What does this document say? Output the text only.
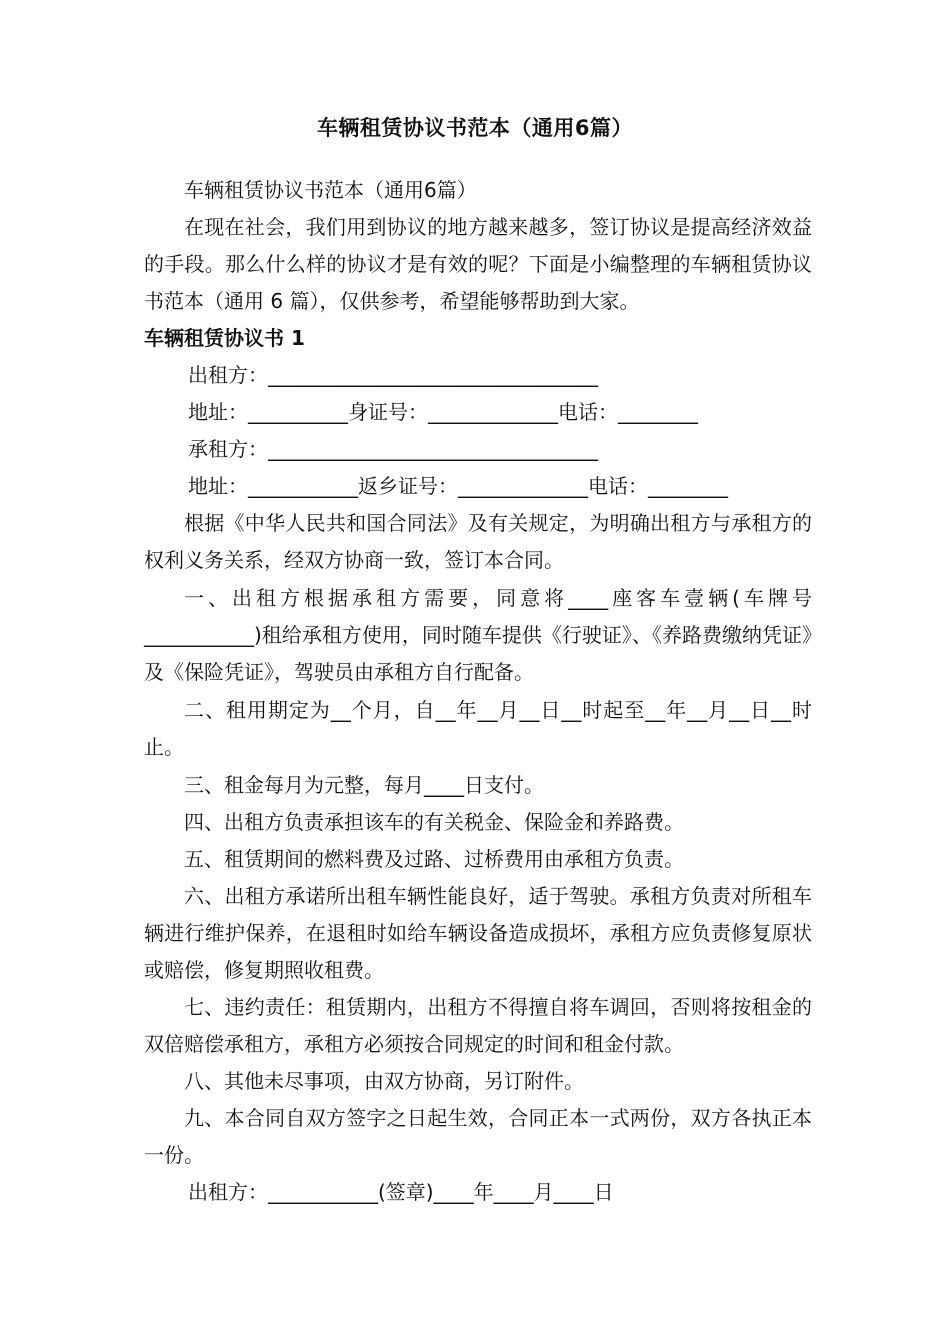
车辆租赁协议书范本（通用6篇）

车辆租赁协议书范本（通用6篇）

在现在社会，我们用到协议的地方越来越多，签订协议是提高经济效益的手段。那么什么样的协议才是有效的呢？下面是小编整理的车辆租赁协议书范本（通用 6 篇），仅供参考，希望能够帮助到大家。

车辆租赁协议书 1

出租方：_________________________________

地址：__________身证号：_____________电话：________

承租方：_________________________________

地址：___________返乡证号：_____________电话：________

根据《中华人民共和国合同法》及有关规定，为明确出租方与承租方的权利义务关系，经双方协商一致，签订本合同。

一、出租方根据承租方需要，同意将____座客车壹辆(车牌号___________)租给承租方使用，同时随车提供《行驶证》、《养路费缴纳凭证》及《保险凭证》，驾驶员由承租方自行配备。

二、租用期定为__个月，自__年__月__日__时起至__年__月__日__时止。

三、租金每月为元整，每月____日支付。

四、出租方负责承担该车的有关税金、保险金和养路费。

五、租赁期间的燃料费及过路、过桥费用由承租方负责。

六、出租方承诺所出租车辆性能良好，适于驾驶。承租方负责对所租车辆进行维护保养，在退租时如给车辆设备造成损坏，承租方应负责修复原状或赔偿，修复期照收租费。

七、违约责任：租赁期内，出租方不得擅自将车调回，否则将按租金的双倍赔偿承租方，承租方必须按合同规定的时间和租金付款。

八、其他未尽事项，由双方协商，另订附件。

九、本合同自双方签字之日起生效，合同正本一式两份，双方各执正本一份。

出租方：___________(签章)____年____月____日
